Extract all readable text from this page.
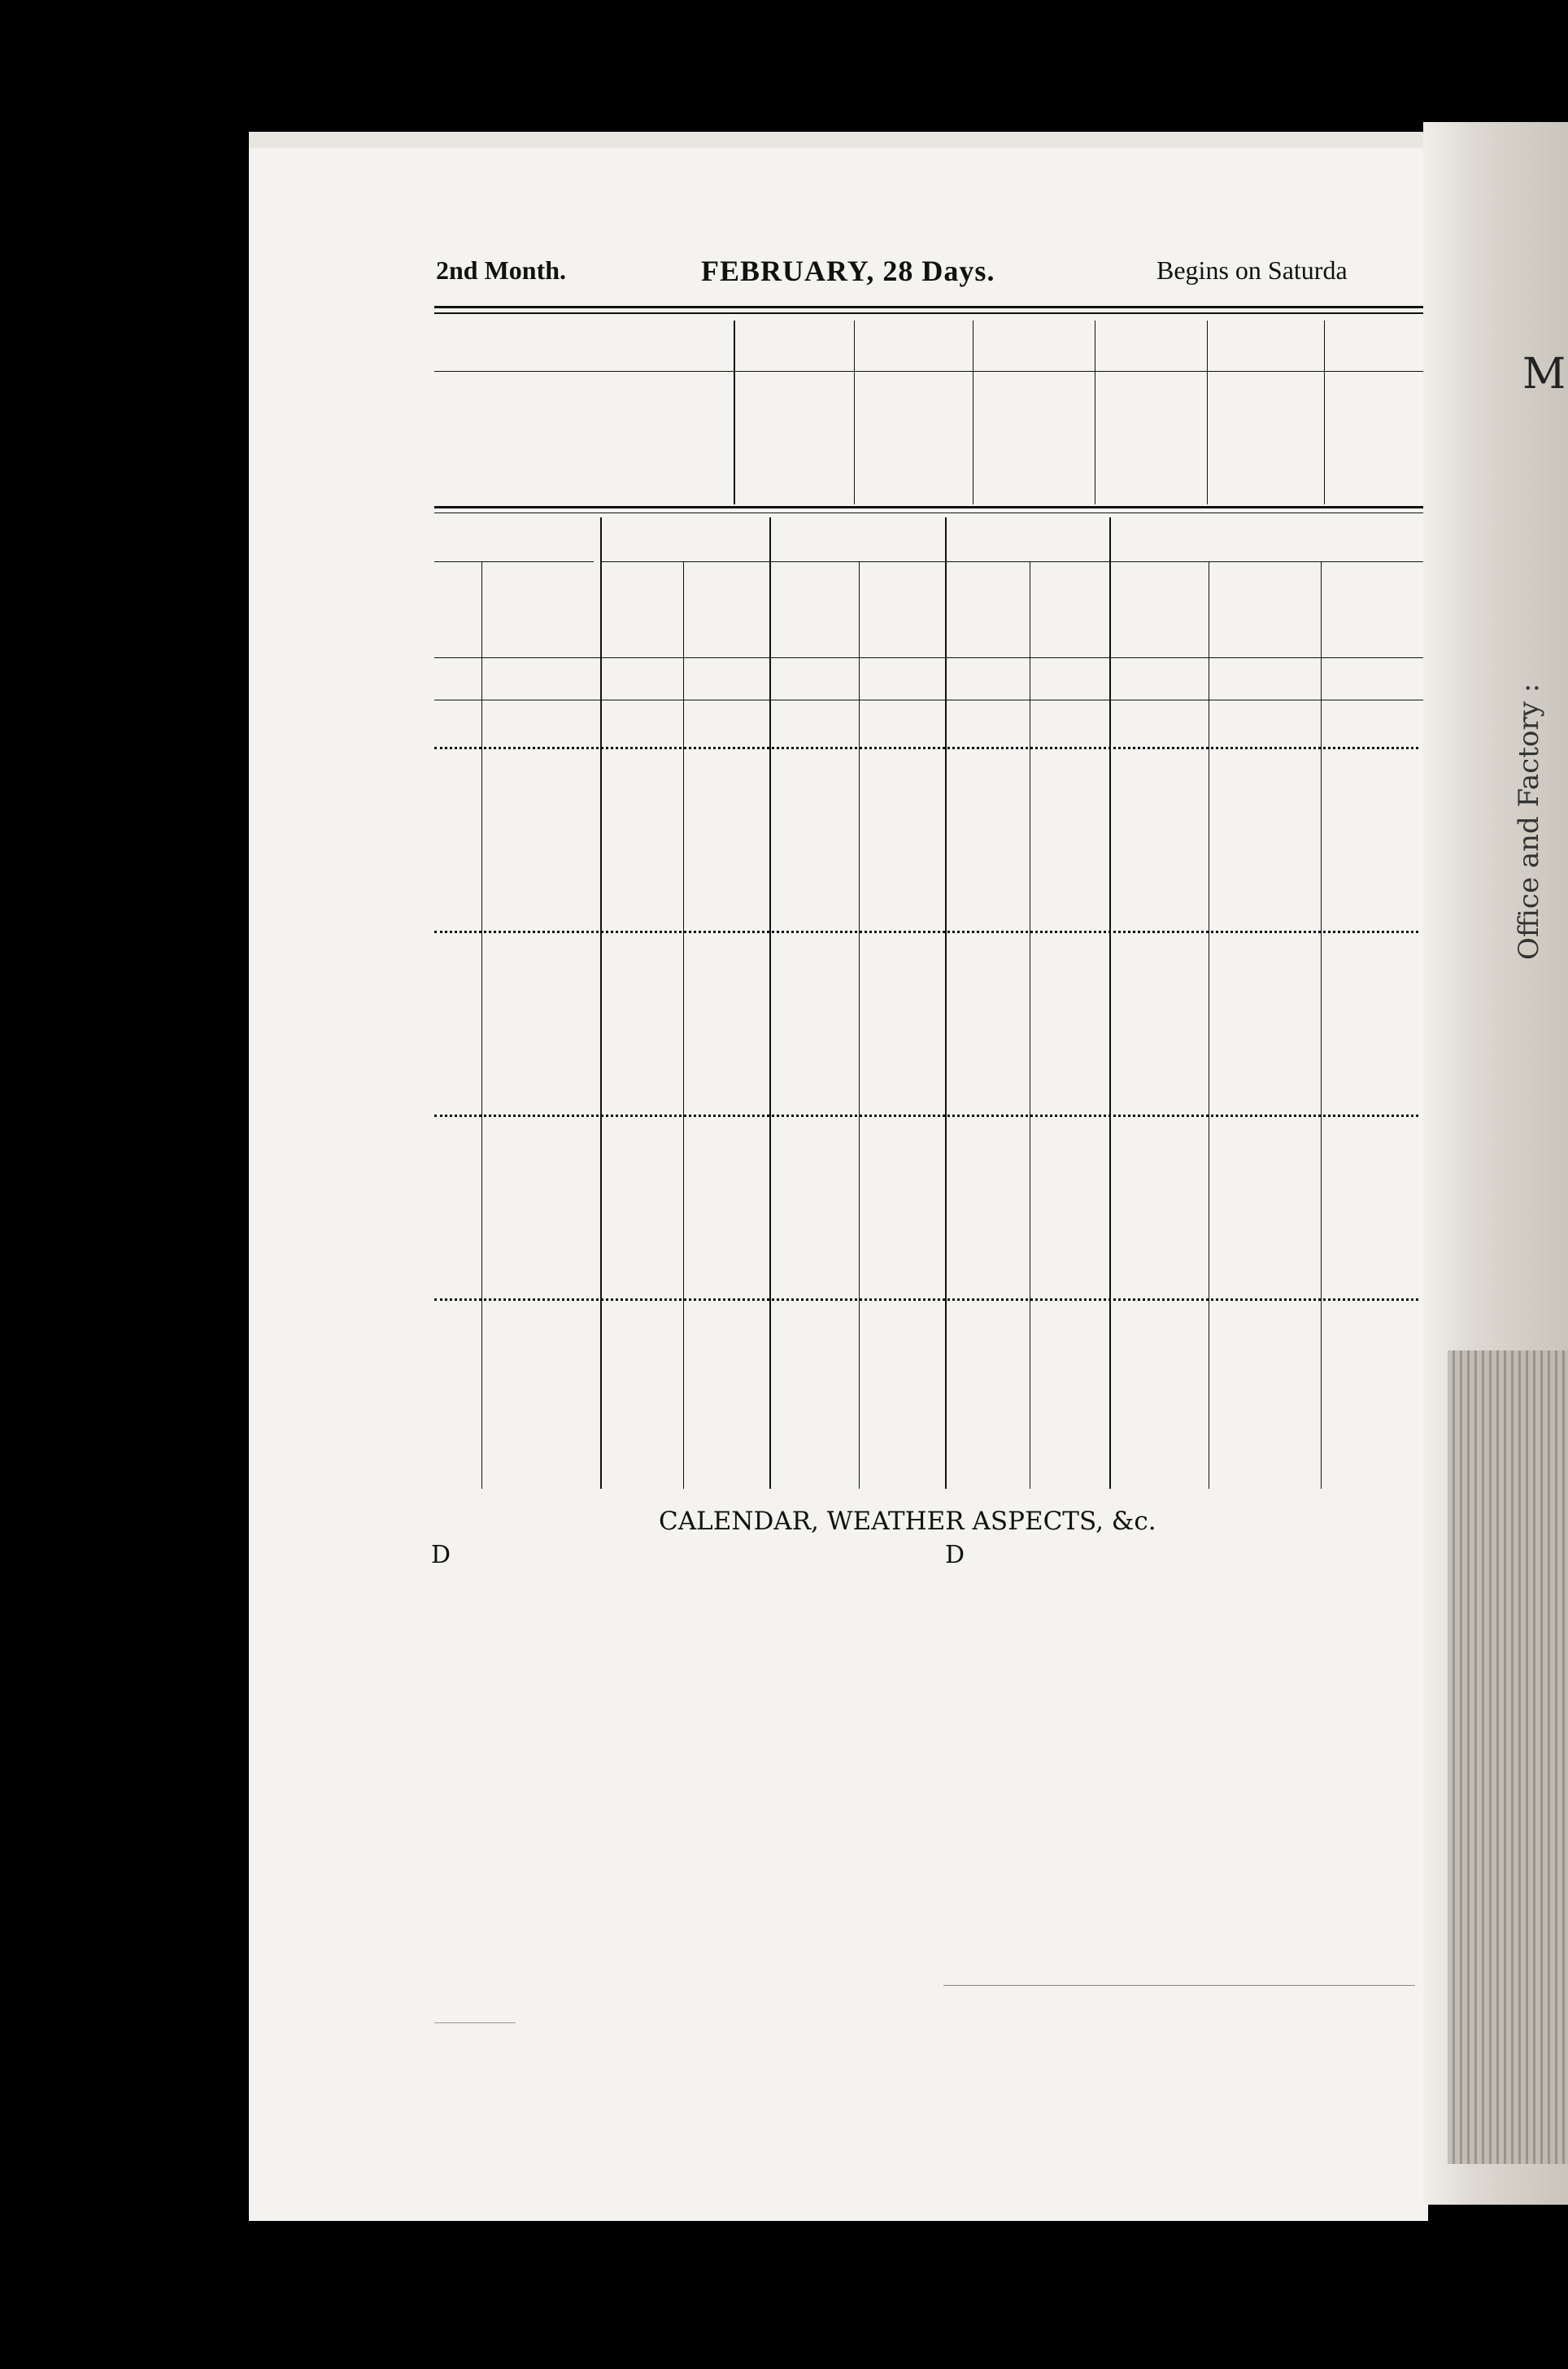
M
Office and Factory :
2nd Month.	FEBRUARY, 28 Days.	Begins on Saturda
CALENDAR, WEATHER ASPECTS, &c.
D	D
